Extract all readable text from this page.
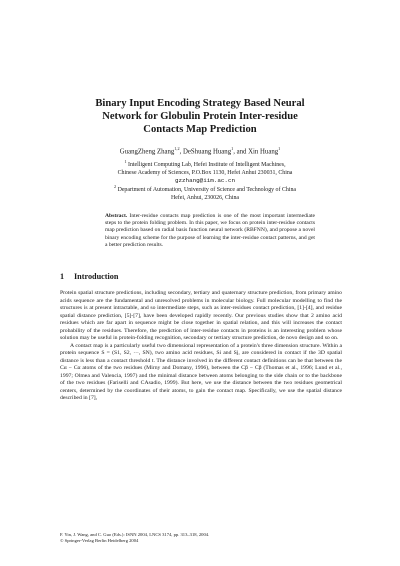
Binary Input Encoding Strategy Based Neural
Network for Globulin Protein Inter-residue
Contacts Map Prediction
GuangZheng Zhang$^{1,2}$, DeShuang Huang$^1$, and Xin Huang$^1$
$^1$ Intelligent Computing Lab, Hefei Institute of Intelligent Machines,
Chinese Academy of Sciences, P.O.Box 1130, Hefei Anhui 230031, China
gzzhang@iim.ac.cn
$^2$ Department of Automation, University of Science and Technology of China
Hefei, Anhui, 230026, China
Abstract. Inter-residue contacts map prediction is one of the most important intermediate steps to the protein folding problem. In this paper, we focus on protein inter-residue contacts map prediction based on radial basis function neural network (RBFNN), and propose a novel binary encoding scheme for the purpose of learning the inter-residue contact patterns, and get a better prediction results.
1 Introduction

Protein spatial structure predictions, including secondary, tertiary and quaternary structure prediction, from primary amino acids sequence are the fundamental and unresolved problems in molecular biology. Full molecular modelling to find the structures is at present intractable, and so intermediate steps, such as inter-residues contact prediction, [1]-[4], and residue spatial distance prediction, [5]-[7], have been developed rapidly recently. Our previous studies show that 2 amino acid residues which are far apart in sequence might be close together in spatial relation, and this will increases the contact probability of the residues. Therefore, the prediction of inter-residue contacts in proteins is an interesting problem whose solution may be useful in protein-folding recognition, secondary or tertiary structure prediction, de novo design and so on.

A contact map is a particularly useful two dimensional representation of a protein's three dimension structure. Within a protein sequence S = (S1, S2, ···, SN), two amino acid residues, Si and Sj, are considered in contact if the 3D spatial distance is less than a contact threshold t. The distance involved in the different contact definitions can be that between the Cα − Cα atoms of the two residues (Mirny and Domany, 1996), between the Cβ − Cβ (Thomas et al., 1996; Lund et al., 1997; Olmea and Valencia, 1997) and the minimal distance between atoms belonging to the side chain or to the backbone of the two residues (Fariselli and CAsadio, 1999). But here, we use the distance between the two residues geometrical centers, determined by the coordinates of their atoms, to gain the contact map. Specifically, we use the spatial distance described in [7],

F. Yin, J. Wang, and C. Guo (Eds.): ISNN 2004, LNCS 3174, pp. 313–318, 2004.
© Springer-Verlag Berlin Heidelberg 2004
